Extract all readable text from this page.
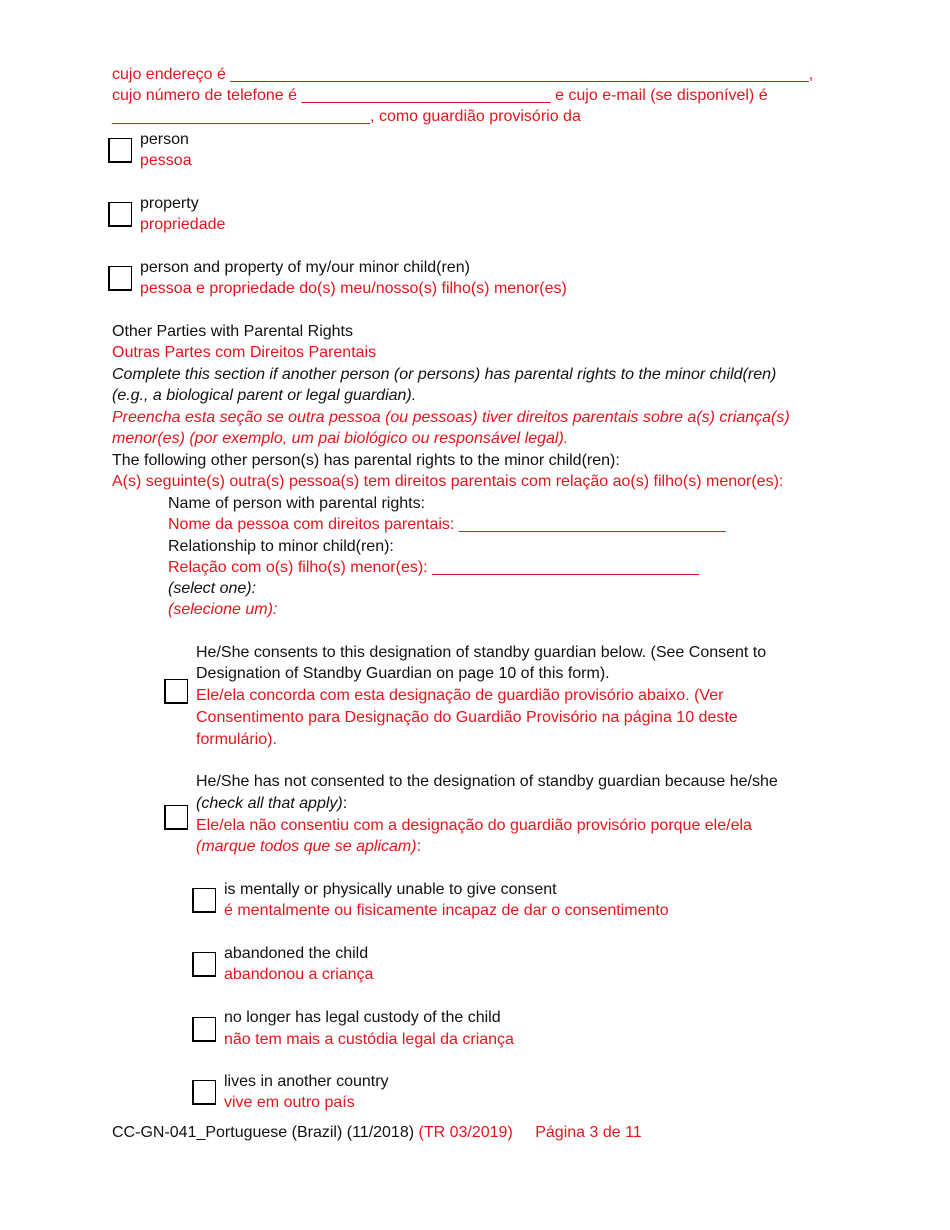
cujo endereço é _________________________________________________________________,
cujo número de telefone é ____________________________ e cujo e-mail (se disponível) é
_____________________________, como guardião provisório da
person
pessoa
property
propriedade
person and property of my/our minor child(ren)
pessoa e propriedade do(s) meu/nosso(s) filho(s) menor(es)
Other Parties with Parental Rights
Outras Partes com Direitos Parentais
Complete this section if another person (or persons) has parental rights to the minor child(ren)
(e.g., a biological parent or legal guardian).
Preencha esta seção se outra pessoa (ou pessoas) tiver direitos parentais sobre a(s) criança(s)
menor(es) (por exemplo, um pai biológico ou responsável legal).
The following other person(s) has parental rights to the minor child(ren):
A(s) seguinte(s) outra(s) pessoa(s) tem direitos parentais com relação ao(s) filho(s) menor(es):
Name of person with parental rights:
Nome da pessoa com direitos parentais: ______________________________
Relationship to minor child(ren):
Relação com o(s) filho(s) menor(es): ______________________________
(select one):
(selecione um):
He/She consents to this designation of standby guardian below. (See Consent to
Designation of Standby Guardian on page 10 of this form).
Ele/ela concorda com esta designação de guardião provisório abaixo. (Ver
Consentimento para Designação do Guardião Provisório na página 10 deste
formulário).
He/She has not consented to the designation of standby guardian because he/she
(check all that apply):
Ele/ela não consentiu com a designação do guardião provisório porque ele/ela
(marque todos que se aplicam):
is mentally or physically unable to give consent
é mentalmente ou fisicamente incapaz de dar o consentimento
abandoned the child
abandonou a criança
no longer has legal custody of the child
não tem mais a custódia legal da criança
lives in another country
vive em outro país
CC-GN-041_Portuguese (Brazil) (11/2018) (TR 03/2019) Página 3 de 11
